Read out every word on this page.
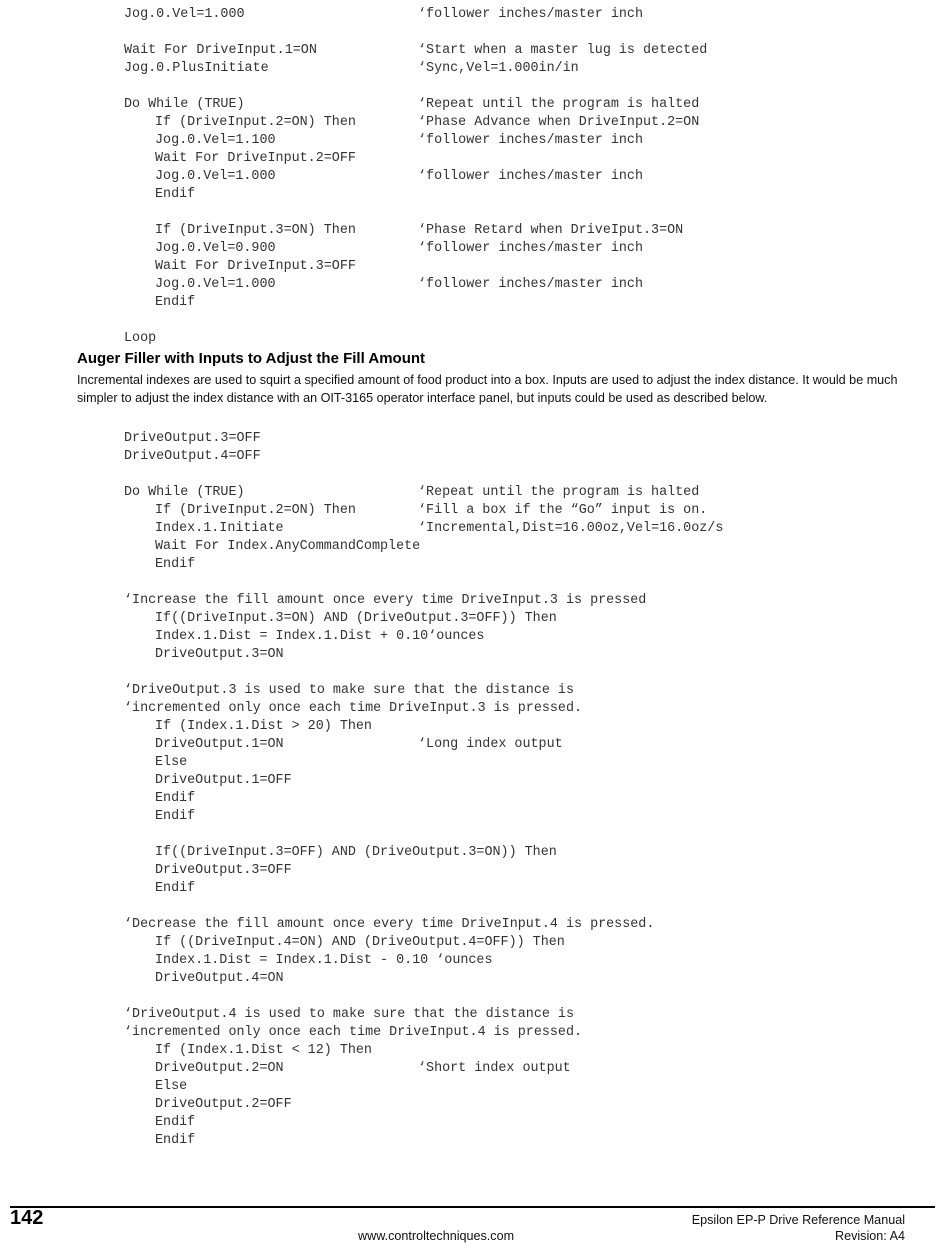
Jog.0.Vel=1.000	‘follower inches/master inch
Wait For DriveInput.1=ON	‘Start when a master lug is detected
Jog.0.PlusInitiate	‘Sync,Vel=1.000in/in
Do While (TRUE)	‘Repeat until the program is halted
If (DriveInput.2=ON) Then	‘Phase Advance when DriveInput.2=ON
Jog.0.Vel=1.100	‘follower inches/master inch
Wait For DriveInput.2=OFF
Jog.0.Vel=1.000	‘follower inches/master inch
Endif
If (DriveInput.3=ON) Then	‘Phase Retard when DriveIput.3=ON
Jog.0.Vel=0.900	‘follower inches/master inch
Wait For DriveInput.3=OFF
Jog.0.Vel=1.000	‘follower inches/master inch
Endif
Loop
Auger Filler with Inputs to Adjust the Fill Amount

Incremental indexes are used to squirt a specified amount of food product into a box. Inputs are used to adjust the index distance. It would be much simpler to adjust the index distance with an OIT-3165 operator interface panel, but inputs could be used as described below.

DriveOutput.3=OFF
DriveOutput.4=OFF
Do While (TRUE)	‘Repeat until the program is halted
If (DriveInput.2=ON) Then	‘Fill a box if the “Go” input is on.
Index.1.Initiate	‘Incremental,Dist=16.00oz,Vel=16.0oz/s
Wait For Index.AnyCommandComplete
Endif
‘Increase the fill amount once every time DriveInput.3 is pressed
If((DriveInput.3=ON) AND (DriveOutput.3=OFF)) Then
Index.1.Dist = Index.1.Dist + 0.10‘ounces
DriveOutput.3=ON
‘DriveOutput.3 is used to make sure that the distance is
‘incremented only once each time DriveInput.3 is pressed.
If (Index.1.Dist > 20) Then
DriveOutput.1=ON	‘Long index output
Else
DriveOutput.1=OFF
Endif
Endif
If((DriveInput.3=OFF) AND (DriveOutput.3=ON)) Then
DriveOutput.3=OFF
Endif
‘Decrease the fill amount once every time DriveInput.4 is pressed.
If ((DriveInput.4=ON) AND (DriveOutput.4=OFF)) Then
Index.1.Dist = Index.1.Dist - 0.10 ‘ounces
DriveOutput.4=ON
‘DriveOutput.4 is used to make sure that the distance is
‘incremented only once each time DriveInput.4 is pressed.
If (Index.1.Dist < 12) Then
DriveOutput.2=ON	‘Short index output
Else
DriveOutput.2=OFF
Endif
Endif
142
www.controltechniques.com
Epsilon EP-P Drive Reference Manual
Revision: A4
